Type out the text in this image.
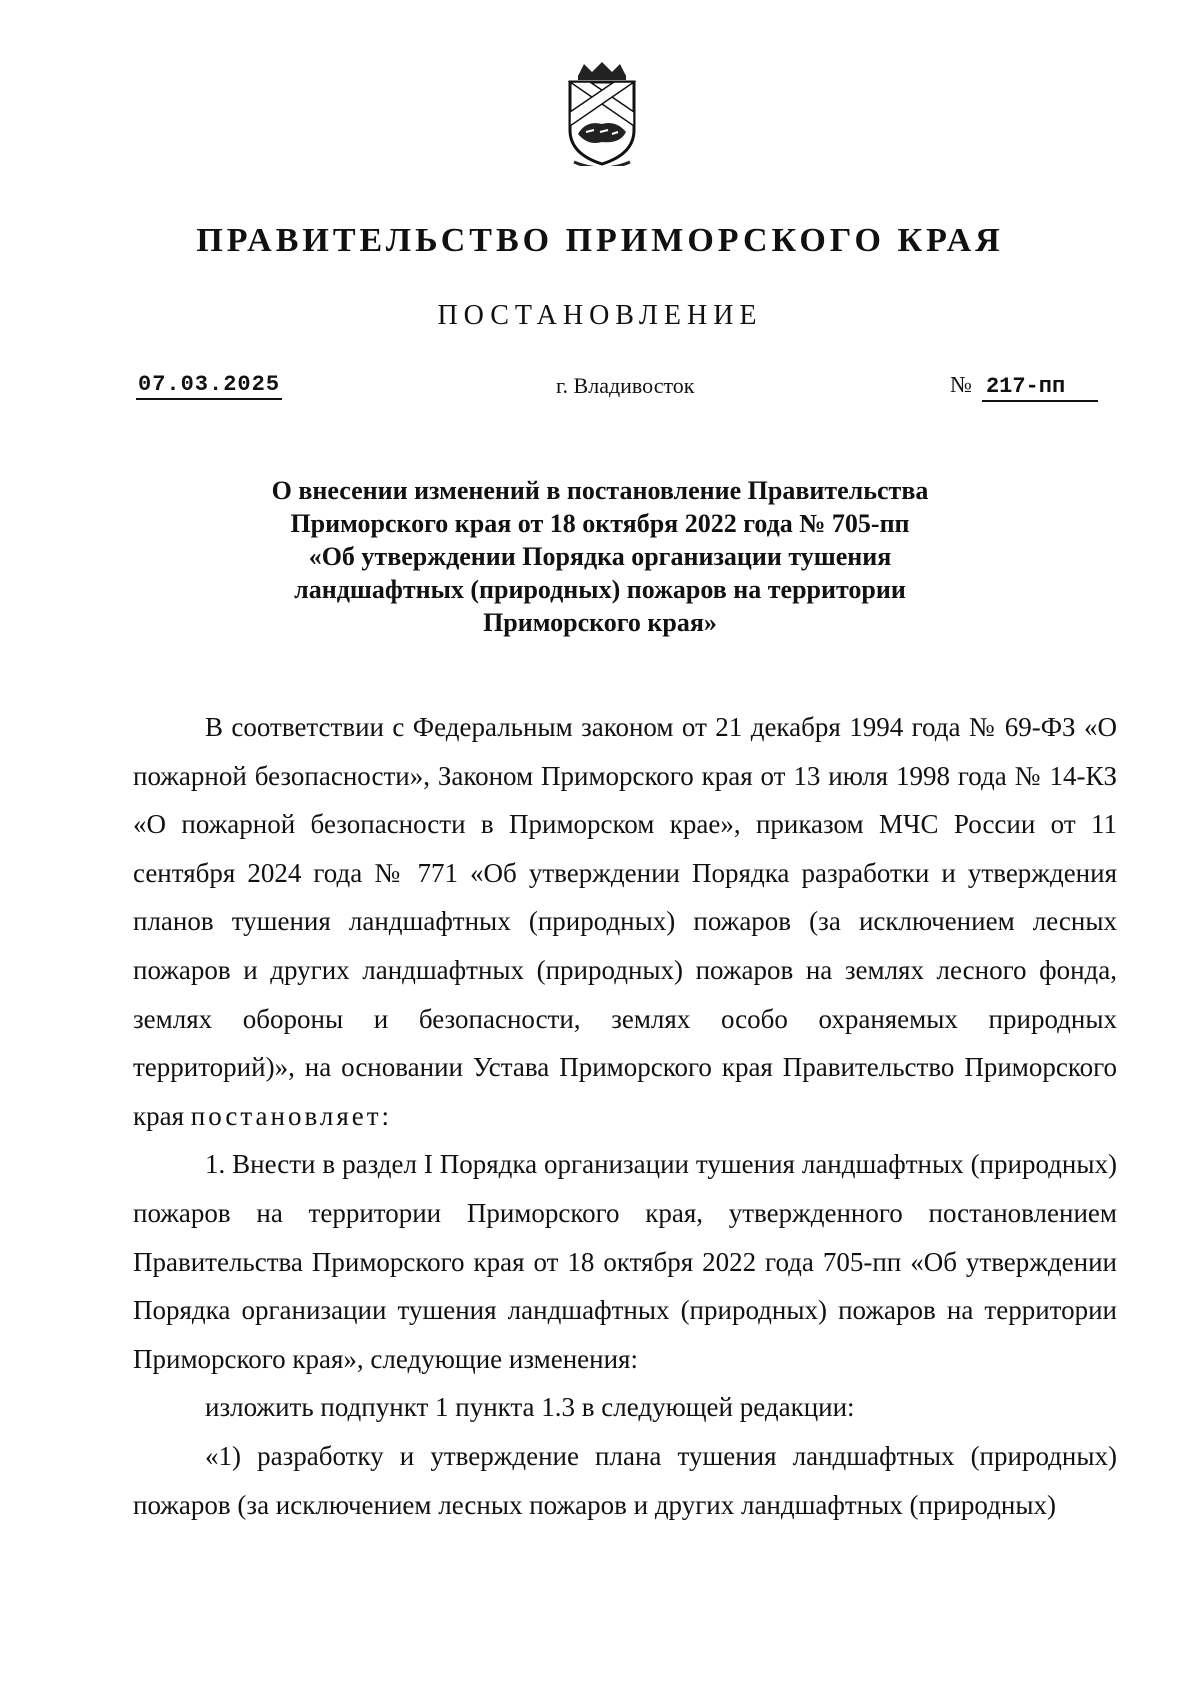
ПРАВИТЕЛЬСТВО ПРИМОРСКОГО КРАЯ
ПОСТАНОВЛЕНИЕ
07.03.2025	г. Владивосток	№ 217-пп
О внесении изменений в постановление Правительства
Приморского края от 18 октября 2022 года № 705-пп
«Об утверждении Порядка организации тушения
ландшафтных (природных) пожаров на территории
Приморского края»

В соответствии с Федеральным законом от 21 декабря 1994 года № 69-ФЗ «О пожарной безопасности», Законом Приморского края от 13 июля 1998 года № 14-КЗ «О пожарной безопасности в Приморском крае», приказом МЧС России от 11 сентября 2024 года № 771 «Об утверждении Порядка разработки и утверждения планов тушения ландшафтных (природных) пожаров (за исключением лесных пожаров и других ландшафтных (природных) пожаров на землях лесного фонда, землях обороны и безопасности, землях особо охраняемых природных территорий)», на основании Устава Приморского края Правительство Приморского края постановляет:

1. Внести в раздел I Порядка организации тушения ландшафтных (природных) пожаров на территории Приморского края, утвержденного постановлением Правительства Приморского края от 18 октября 2022 года 705-пп «Об утверждении Порядка организации тушения ландшафтных (природных) пожаров на территории Приморского края», следующие изменения:

изложить подпункт 1 пункта 1.3 в следующей редакции:

«1) разработку и утверждение плана тушения ландшафтных (природных) пожаров (за исключением лесных пожаров и других ландшафтных (природных)
